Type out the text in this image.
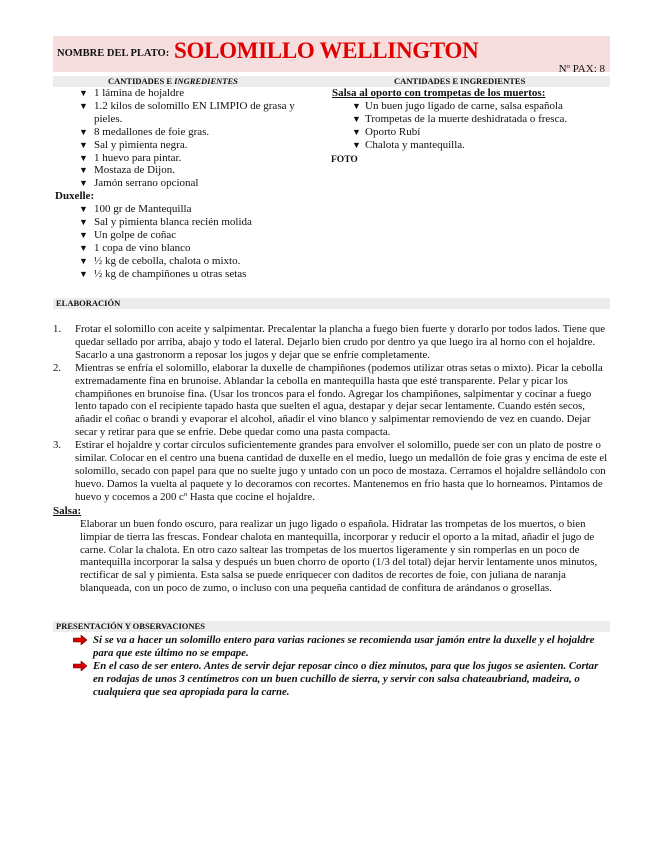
NOMBRE DEL PLATO: SOLOMILLO WELLINGTON
Nº PAX: 8
CANTIDADES E INGREDIENTES	CANTIDADES E INGREDIENTES
▼ 1 lámina de hojaldre
▼ 1.2 kilos de solomillo EN LIMPIO de grasa y pieles.
▼ 8 medallones de foie gras.
▼ Sal y pimienta negra.
▼ 1 huevo para pintar.
▼ Mostaza de Dijon.
▼ Jamón serrano opcional
Duxelle:
▼ 100 gr de Mantequilla
▼ Sal y pimienta blanca recién molida
▼ Un golpe de coñac
▼ 1 copa de vino blanco
▼ ½ kg de cebolla, chalota o mixto.
▼ ½ kg de champiñones u otras setas
Salsa al oporto con trompetas de los muertos:
▼ Un buen jugo ligado de carne, salsa española
▼ Trompetas de la muerte deshidratada o fresca.
▼ Oporto Rubí
▼ Chalota y mantequilla.
FOTO
ELABORACIÓN
1. Frotar el solomillo con aceite y salpimentar. Precalentar la plancha a fuego bien fuerte y dorarlo por todos lados. Tiene que quedar sellado por arriba, abajo y todo el lateral. Dejarlo bien crudo por dentro ya que luego ira al horno con el hojaldre. Sacarlo a una gastronorm a reposar los jugos y dejar que se enfríe completamente.
2. Mientras se enfría el solomillo, elaborar la duxelle de champiñones (podemos utilizar otras setas o mixto). Picar la cebolla extremadamente fina en brunoise. Ablandar la cebolla en mantequilla hasta que esté transparente. Pelar y picar los champiñones en brunoise fina. (Usar los troncos para el fondo. Agregar los champiñones, salpimentar y cocinar a fuego lento tapado con el recipiente tapado hasta que suelten el agua, destapar y dejar secar lentamente. Cuando estén secos, añadir el coñac o brandi y evaporar el alcohol, añadir el vino blanco y salpimentar removiendo de vez en cuando. Dejar secar y retirar para que se enfríe. Debe quedar como una pasta compacta.
3. Estirar el hojaldre y cortar círculos suficientemente grandes para envolver el solomillo, puede ser con un plato de postre o similar. Colocar en el centro una buena cantidad de duxelle en el medio, luego un medallón de foie gras y encima de este el solomillo, secado con papel para que no suelte jugo y untado con un poco de mostaza. Cerramos el hojaldre sellándolo con huevo. Damos la vuelta al paquete y lo decoramos con recortes. Mantenemos en frio hasta que lo horneamos. Pintamos de huevo y cocemos a 200 cº Hasta que cocine el hojaldre.
Salsa:
Elaborar un buen fondo oscuro, para realizar un jugo ligado o española. Hidratar las trompetas de los muertos, o bien limpiar de tierra las frescas. Fondear chalota en mantequilla, incorporar y reducir el oporto a la mitad, añadir el jugo de carne. Colar la chalota. En otro cazo saltear las trompetas de los muertos ligeramente y sin romperlas en un poco de mantequilla incorporar la salsa y después un buen chorro de oporto (1/3 del total) dejar hervir lentamente unos minutos, rectificar de sal y pimienta. Esta salsa se puede enriquecer con daditos de recortes de foie, con juliana de naranja blanqueada, con un poco de zumo, o incluso con una pequeña cantidad de confitura de arándanos o grosellas.
PRESENTACIÓN Y OBSERVACIONES
Si se va a hacer un solomillo entero para varias raciones se recomienda usar jamón entre la duxelle y el hojaldre para que este último no se empape.
En el caso de ser entero. Antes de servir dejar reposar cinco o diez minutos, para que los jugos se asienten. Cortar en rodajas de unos 3 centímetros con un buen cuchillo de sierra, y servir con salsa chateaubriand, madeira, o cualquiera que sea apropiada para la carne.
